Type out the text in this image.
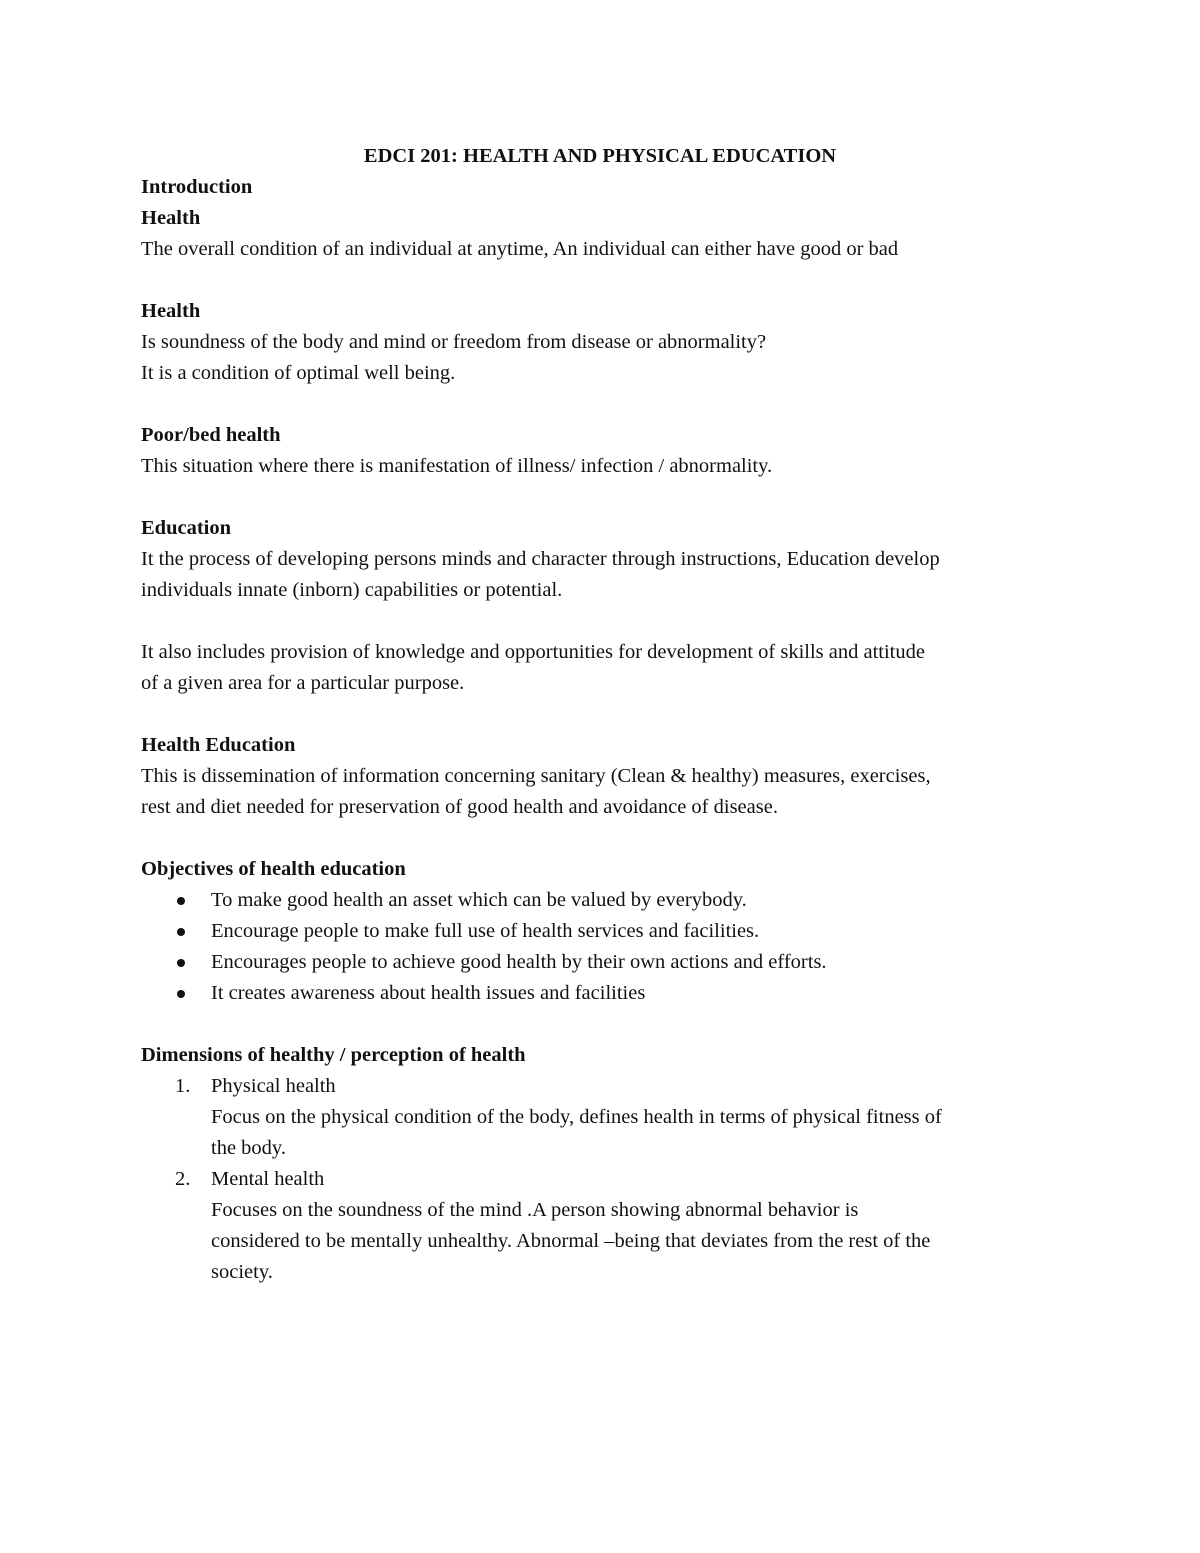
EDCI 201: HEALTH AND PHYSICAL EDUCATION

Introduction

Health

The overall condition of an individual at anytime, An individual can either have good or bad

Health

Is soundness of the body and mind or freedom from disease or abnormality?

It is a condition of optimal well being.

Poor/bed health

This situation where there is manifestation of illness/ infection / abnormality.

Education

It the process of developing persons minds and character through instructions, Education develop

individuals innate (inborn) capabilities or potential.

It also includes provision of knowledge and opportunities for development of skills and attitude

of a given area for a particular purpose.

Health Education

This is dissemination of information concerning sanitary (Clean & healthy) measures, exercises,

rest and diet needed for preservation of good health and avoidance of disease.

Objectives of health education

To make good health an asset which can be valued by everybody.
Encourage people to make full use of health services and facilities.
Encourages people to achieve good health by their own actions and efforts.
It creates awareness about health issues and facilities

Dimensions of healthy / perception of health

1. Physical health
Focus on the physical condition of the body, defines health in terms of physical fitness of
the body.
2. Mental health
Focuses on the soundness of the mind .A person showing abnormal behavior is
considered to be mentally unhealthy. Abnormal –being that deviates from the rest of the
society.
